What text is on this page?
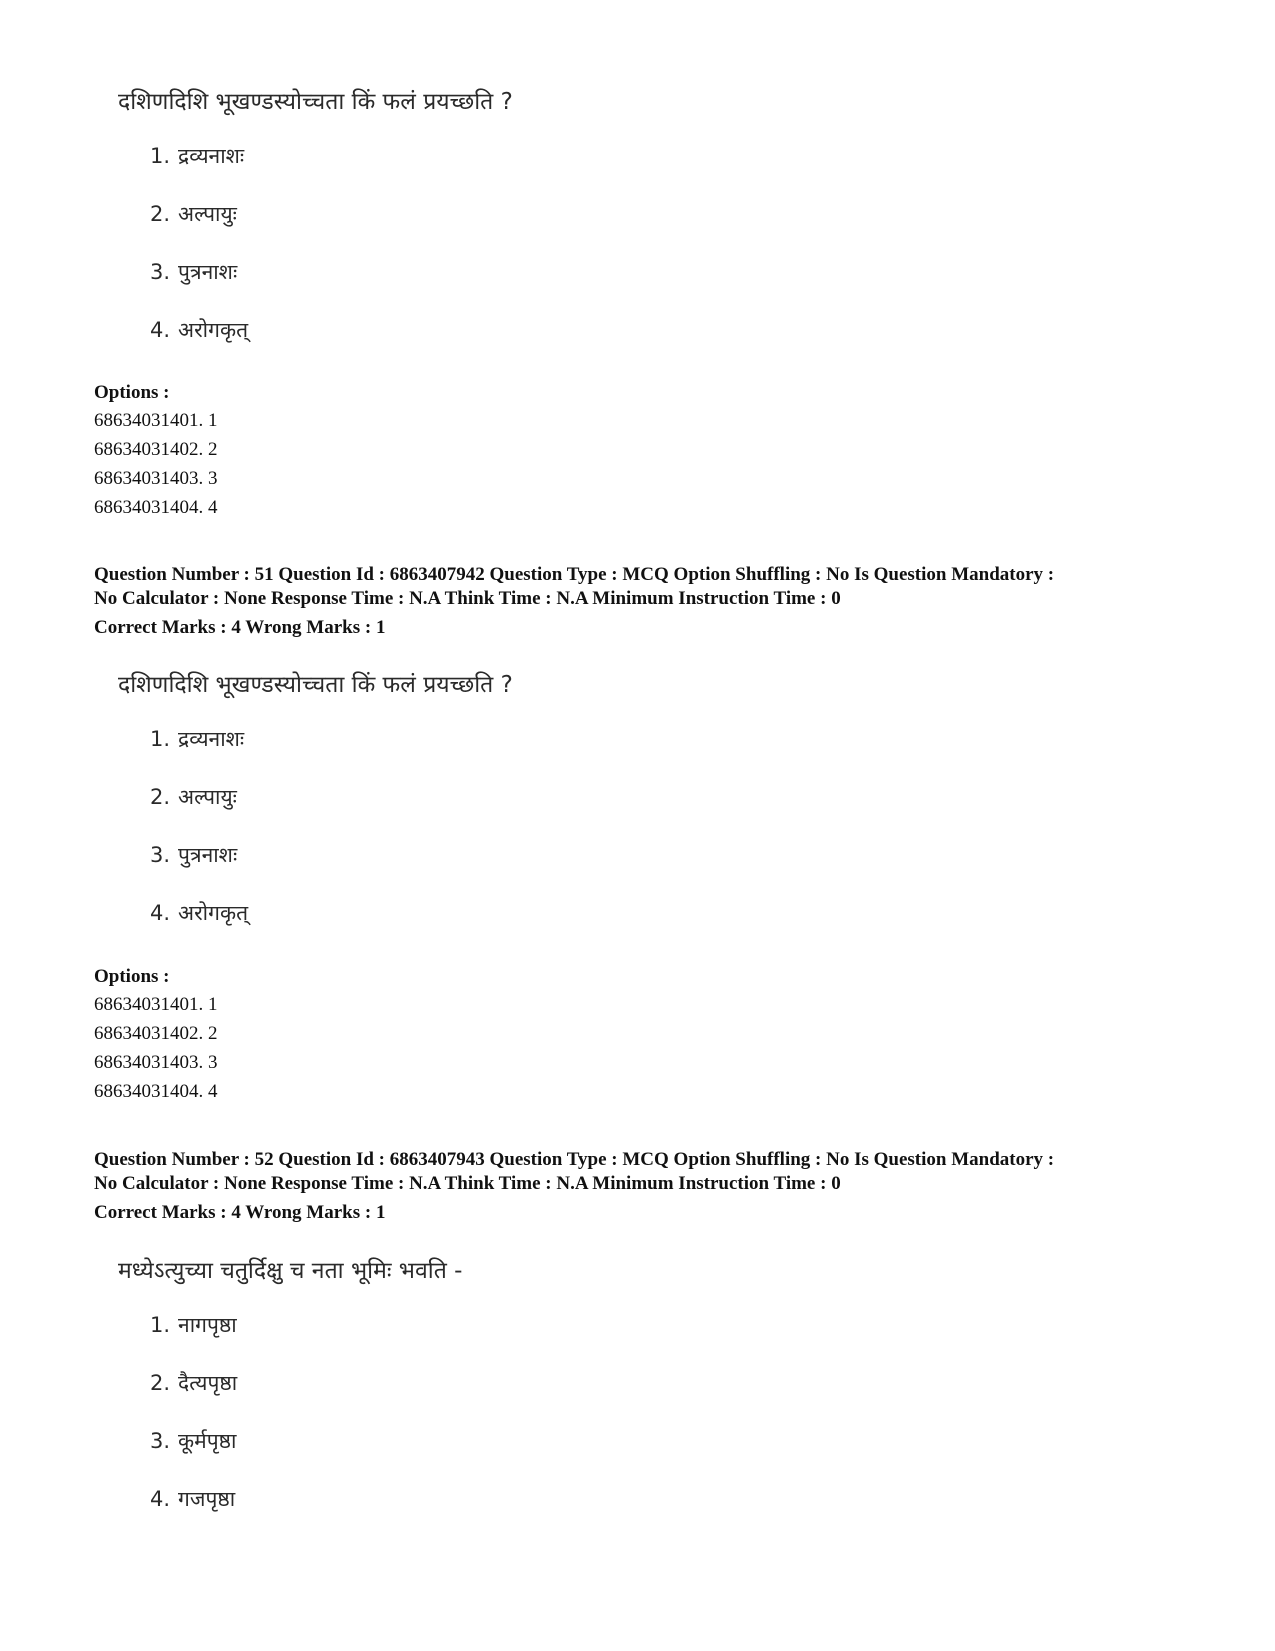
दशिणदिशि भूखण्डस्योच्चता किं फलं प्रयच्छति ?
1. द्रव्यनाशः
2. अल्पायुः
3. पुत्रनाशः
4. अरोगकृत्
Options :
68634031401. 1
68634031402. 2
68634031403. 3
68634031404. 4
Question Number : 51 Question Id : 6863407942 Question Type : MCQ Option Shuffling : No Is Question Mandatory :
No Calculator : None Response Time : N.A Think Time : N.A Minimum Instruction Time : 0
Correct Marks : 4 Wrong Marks : 1
दशिणदिशि भूखण्डस्योच्चता किं फलं प्रयच्छति ?
1. द्रव्यनाशः
2. अल्पायुः
3. पुत्रनाशः
4. अरोगकृत्
Options :
68634031401. 1
68634031402. 2
68634031403. 3
68634031404. 4
Question Number : 52 Question Id : 6863407943 Question Type : MCQ Option Shuffling : No Is Question Mandatory :
No Calculator : None Response Time : N.A Think Time : N.A Minimum Instruction Time : 0
Correct Marks : 4 Wrong Marks : 1
मध्येऽत्युच्या चतुर्दिक्षु च नता भूमिः भवति -
1. नागपृष्ठा
2. दैत्यपृष्ठा
3. कूर्मपृष्ठा
4. गजपृष्ठा
